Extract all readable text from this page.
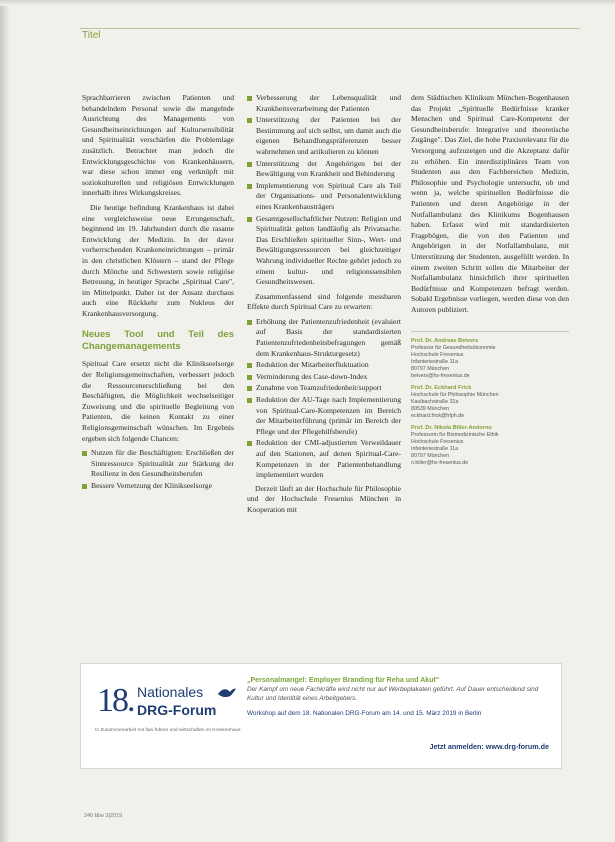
Titel

Sprachbarrieren zwischen Patienten und behandelndem Personal sowie die mangelnde Ausrichtung des Managements von Gesundheitseinrichtungen auf Kultursensibilität und Spiritualität verschärfen die Problemlage zusätzlich. Betrachtet man jedoch die Entwicklungsgeschichte von Krankenhäusern, war diese schon immer eng verknüpft mit soziokulturellen und religiösen Entwicklungen innerhalb ihres Wirkungskreises.

Die heutige befindung Krankenhaus ist dabei eine vergleichsweise neue Errungenschaft, beginnend im 19. Jahrhundert durch die rasante Entwicklung der Medizin. In der davor vorherrschenden Krankeneinrichtungen – primär in den christlichen Klöstern – stand der Pflege durch Mönche und Schwestern sowie religiöse Betreuung, in heutiger Sprache „Spiritual Care", im Mittelpunkt. Daher ist der Ansatz durchaus auch eine Rückkehr zum Nukleus der Krankenhausversorgung.

Neues Tool und Teil des Changemanagements

Spiritual Care ersetzt nicht die Klinikseelsorge der Religionsgemeinschaften, verbessert jedoch die Ressourcenerschließung bei den Beschäftigten, die Möglichkeit wechselseitiger Zuweisung und die spirituelle Begleitung von Patienten, die keinen Kontakt zu einer Religionsgemeinschaft wünschen. Im Ergebnis ergeben sich folgende Chancen:

Nutzen für die Beschäftigten: Erschließen der Sinnressource Spiritualität zur Stärkung der Resilienz in den Gesundheitsberufen
Bessere Vernetzung der Klinikseelsorge
Verbesserung der Lebensqualität und Krankheitsverarbeitung der Patienten
Unterstützung der Patienten bei der Bestimmung auf sich selbst, um damit auch die eigenen Behandlungspräferenzen besser wahrnehmen und artikulieren zu können
Unterstützung der Angehörigen bei der Bewältigung von Krankheit und Behinderung
Implementierung von Spiritual Care als Teil der Organisations- und Personalentwicklung eines Krankenhausträgers
Gesamtgesellschaftlicher Nutzen: Religion und Spiritualität gelten landläufig als Privatsache. Das Erschließen spiritueller Sinn-, Wert- und Bewältigungsressourcen bei gleichzeitiger Wahrung individueller Rechte gehört jedoch zu einem kultur- und religionssensiblen Gesundheitswesen.

Zusammenfassend sind folgende messbaren Effekte durch Spiritual Care zu erwarten:

Erhöhung der Patientenzufriedenheit (evaluiert auf Basis der standardisierten Patientenzufriedenheitsbefragungen gemäß dem Krankenhaus-Strukturgesetz)
Reduktion der Mitarbeiterfluktuation
Verminderung des Case-down-Index
Zunahme von Teamzufriedenheit/support
Reduktion der AU-Tage nach Implementierung von Spiritual-Care-Kompetenzen im Bereich der Mitarbeiterführung (primär im Bereich der Pflege und der Pflegehilfsberufe)
Reduktion der CMI-adjustierten Verweildauer auf den Stationen, auf denen Spiritual-Care-Kompetenzen in der Patientenbehandlung implementiert wurden

Derzeit läuft an der Hochschule für Philosophie und der Hochschule Fresenius München in Kooperation mit

dem Städtischen Klinikum München-Bogenhausen das Projekt „Spirituelle Bedürfnisse kranker Menschen und Spiritual Care-Kompetenz der Gesundheitsberufe: Integrative und theoretische Zugänge". Das Ziel, die hohe Praxisrelevanz für die Versorgung aufzuzeigen und die Akzeptanz dafür zu erhöhen. Ein interdisziplinäres Team von Studenten aus den Fachbereichen Medizin, Philosophie und Psychologie untersucht, ob und wenn ja, welche spirituellen Bedürfnisse die Patienten und deren Angehörige in der Notfallambulanz des Klinikums Bogenhausen haben. Erfasst wird mit standardisierten Fragebögen, die von den Patienten und Angehörigen in der Notfallambulanz, mit Unterstützung der Studenten, ausgefüllt werden. In einem zweiten Schritt sollen die Mitarbeiter der Notfallambulanz hinsichtlich ihrer spirituellen Bedürfnisse und Kompetenzen befragt werden. Sobald Ergebnisse vorliegen, werden diese von den Autoren publiziert.

Prof. Dr. Andreas Beivers
Professor für Gesundheitsökonomie
Hochschule Fresenius
Infanteriestraße 11a
80797 München
beivers@hs-fresenius.de
Prof. Dr. Eckhard Frick
Hochschule für Philosophie München
Kaulbachstraße 31a
80539 München
eckhard.frick@hfph.de
Prof. Dr. Nikola Biller-Andorno
Professorin für Biomedizinische Ethik
Hochschule Fresenius
Infanteriestraße 11a
80797 München
n.biller@hs-fresenius.de
18. Nationales
DRG-Forum
In Zusammenarbeit mit f&w führen und wirtschaften im Krankenhaus
„Personalmangel: Employer Branding für Reha und Akut"
Der Kampf um neue Fachkräfte wird nicht nur auf Werbeplakaten geführt. Auf Dauer entscheidend sind Kultur und Identität eines Arbeitgebers.
Workshop auf dem 18. Nationalen DRG-Forum am 14. und 15. März 2019 in Berlin
Jetzt anmelden: www.drg-forum.de
240 f&w 3|2019
